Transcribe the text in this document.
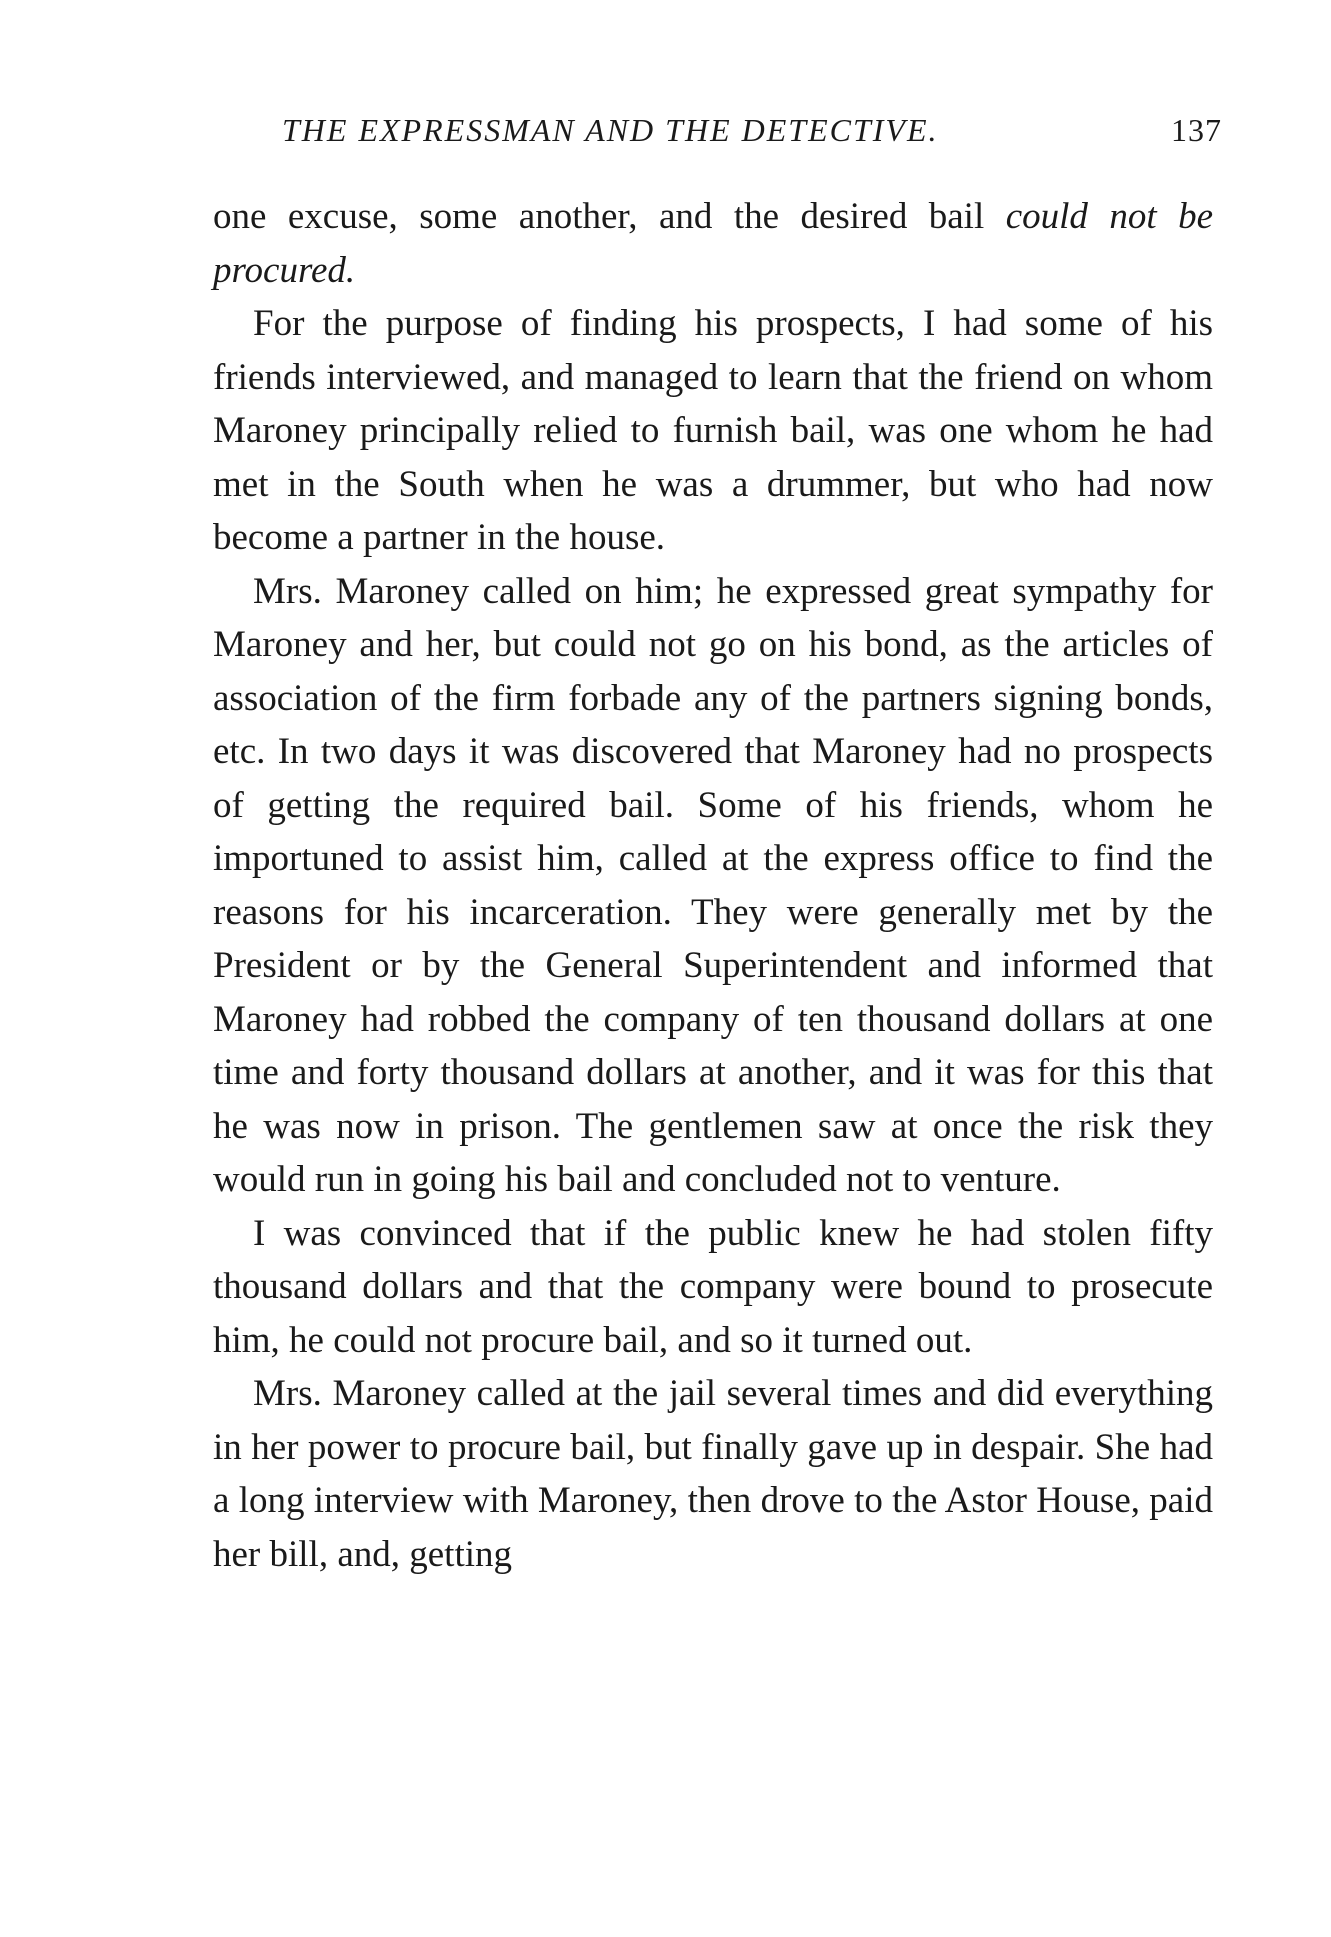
THE EXPRESSMAN AND THE DETECTIVE.	137

one excuse, some another, and the desired bail could not be procured.

For the purpose of finding his prospects, I had some of his friends interviewed, and managed to learn that the friend on whom Maroney principally relied to furnish bail, was one whom he had met in the South when he was a drummer, but who had now become a partner in the house.

Mrs. Maroney called on him; he expressed great sympathy for Maroney and her, but could not go on his bond, as the articles of association of the firm forbade any of the partners signing bonds, etc. In two days it was discovered that Maroney had no prospects of getting the required bail. Some of his friends, whom he importuned to assist him, called at the express office to find the reasons for his incarceration. They were generally met by the President or by the General Superintendent and informed that Maroney had robbed the company of ten thousand dollars at one time and forty thousand dollars at another, and it was for this that he was now in prison. The gentlemen saw at once the risk they would run in going his bail and concluded not to venture.

I was convinced that if the public knew he had stolen fifty thousand dollars and that the company were bound to prosecute him, he could not procure bail, and so it turned out.

Mrs. Maroney called at the jail several times and did everything in her power to procure bail, but finally gave up in despair. She had a long interview with Maroney, then drove to the Astor House, paid her bill, and, getting
